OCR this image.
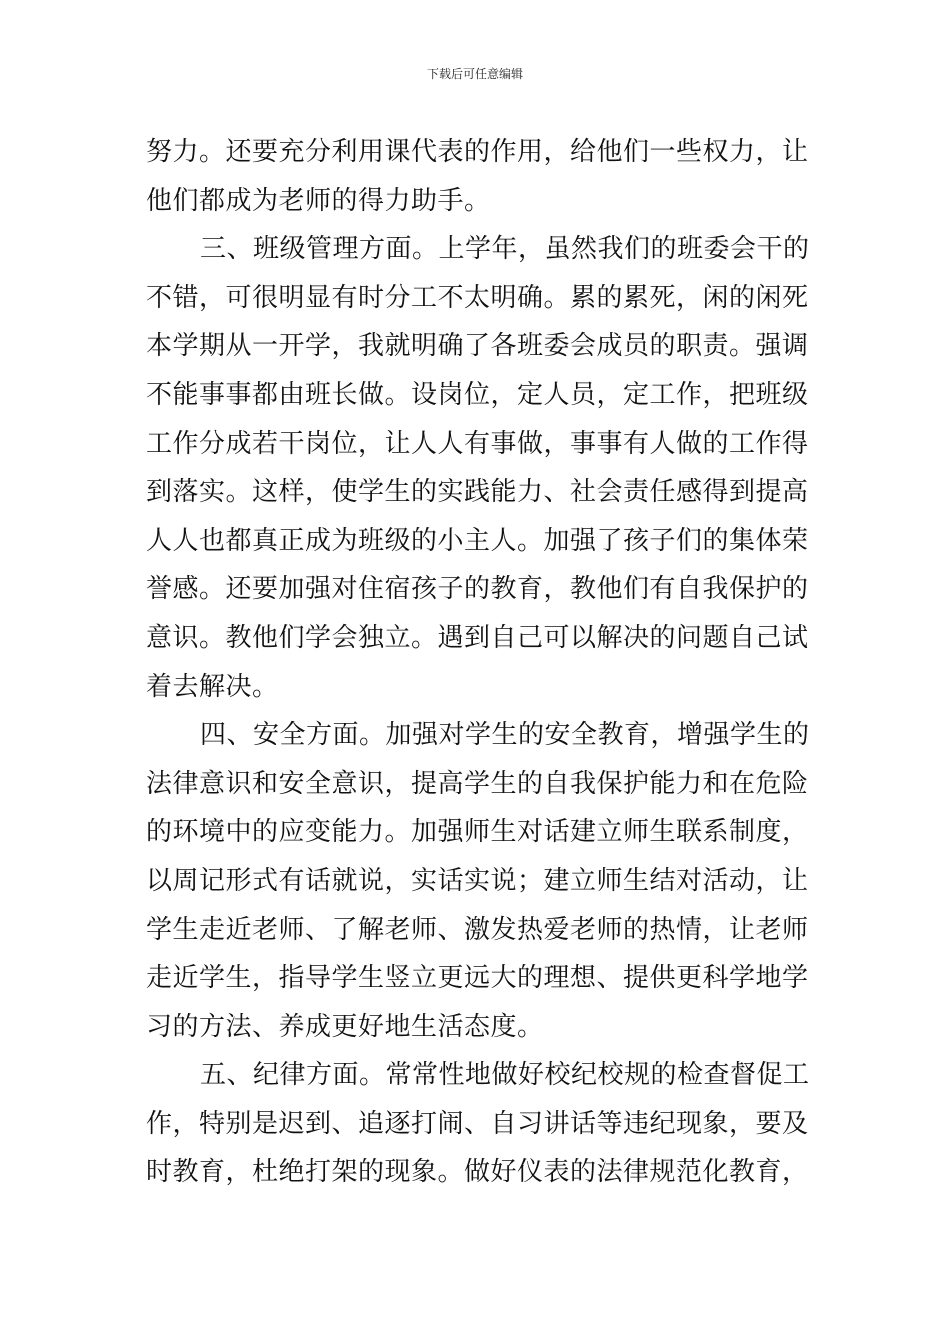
下载后可任意编辑
努力。还要充分利用课代表的作用，给他们一些权力，让
他们都成为老师的得力助手。
三、班级管理方面。上学年，虽然我们的班委会干的
不错，可很明显有时分工不太明确。累的累死，闲的闲死
本学期从一开学，我就明确了各班委会成员的职责。强调
不能事事都由班长做。设岗位，定人员，定工作，把班级
工作分成若干岗位，让人人有事做，事事有人做的工作得
到落实。这样，使学生的实践能力、社会责任感得到提高
人人也都真正成为班级的小主人。加强了孩子们的集体荣
誉感。还要加强对住宿孩子的教育，教他们有自我保护的
意识。教他们学会独立。遇到自己可以解决的问题自己试
着去解决。
四、安全方面。加强对学生的安全教育，增强学生的
法律意识和安全意识，提高学生的自我保护能力和在危险
的环境中的应变能力。加强师生对话建立师生联系制度，
以周记形式有话就说，实话实说；建立师生结对活动，让
学生走近老师、了解老师、激发热爱老师的热情，让老师
走近学生，指导学生竖立更远大的理想、提供更科学地学
习的方法、养成更好地生活态度。
五、纪律方面。常常性地做好校纪校规的检查督促工
作，特别是迟到、追逐打闹、自习讲话等违纪现象，要及
时教育，杜绝打架的现象。做好仪表的法律规范化教育，
